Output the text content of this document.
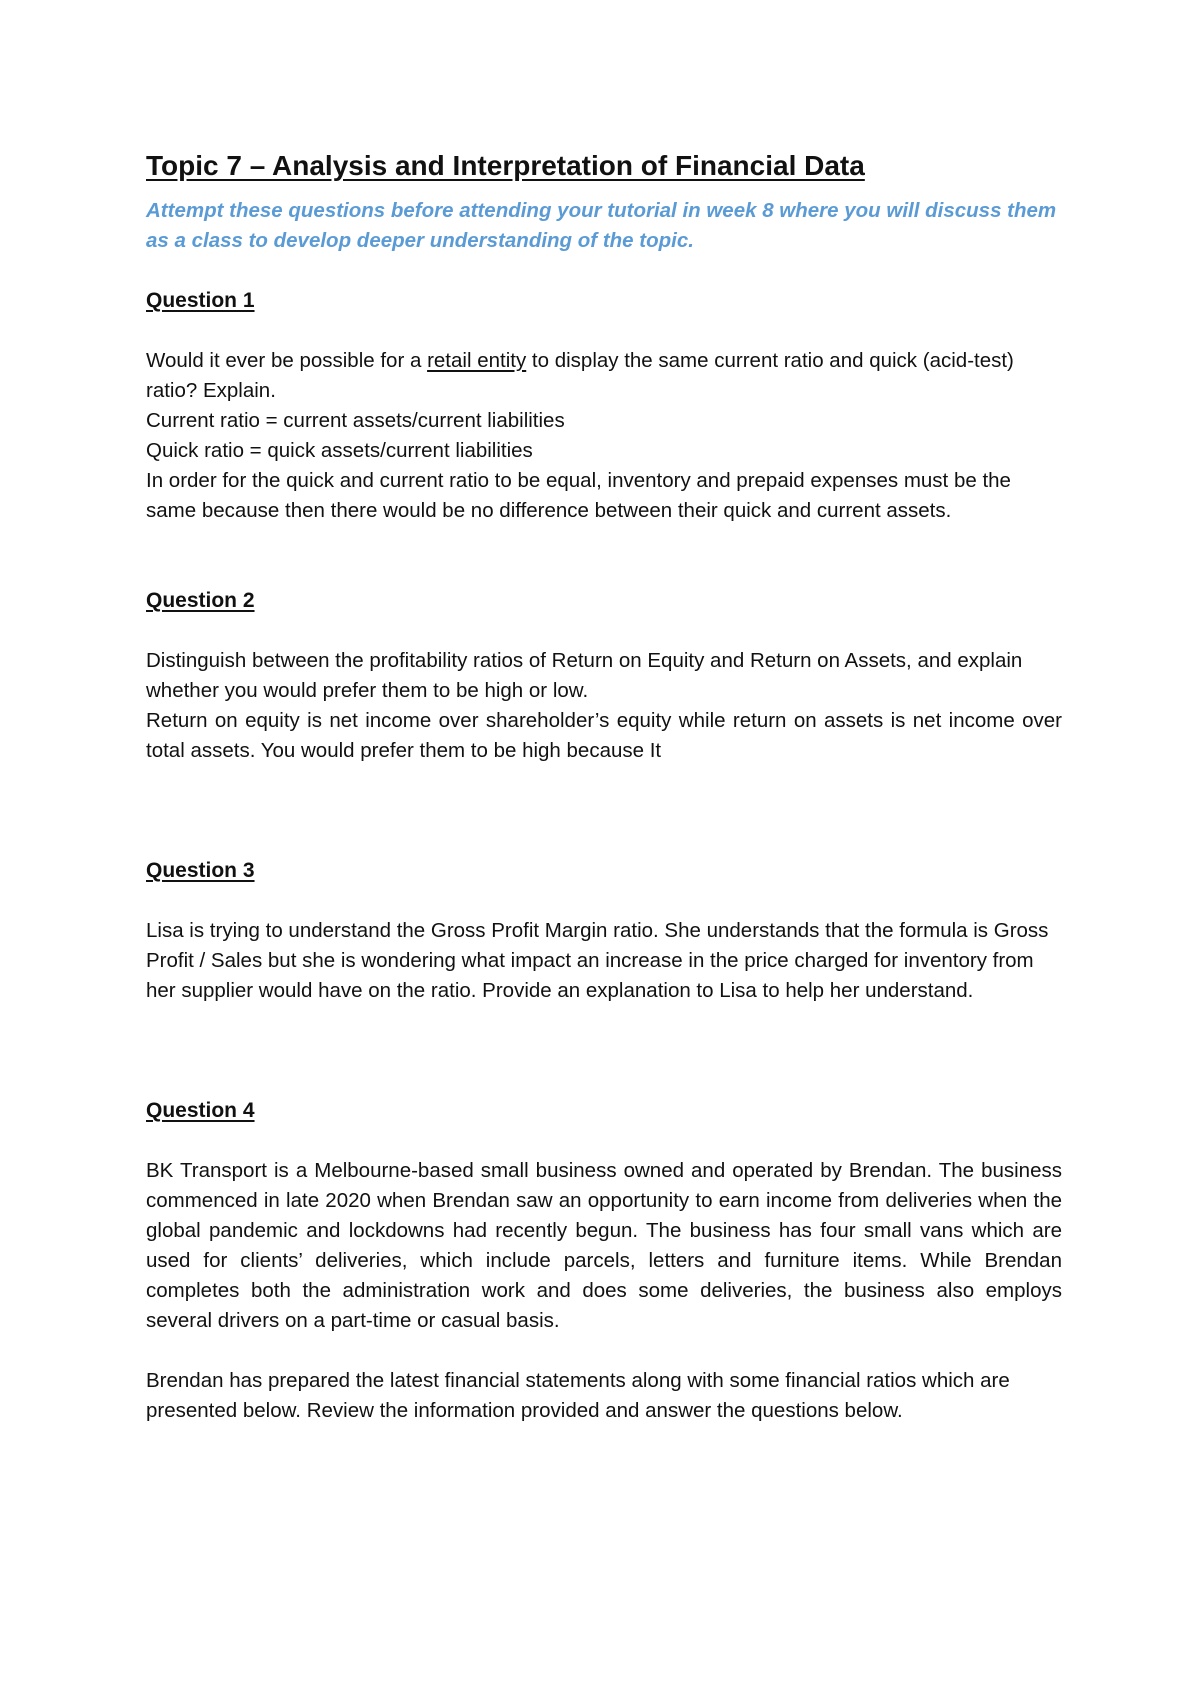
Topic 7 – Analysis and Interpretation of Financial Data

Attempt these questions before attending your tutorial in week 8 where you will discuss them as a class to develop deeper understanding of the topic.

Question 1

Would it ever be possible for a retail entity to display the same current ratio and quick (acid-test) ratio? Explain.

Current ratio = current assets/current liabilities

Quick ratio = quick assets/current liabilities

In order for the quick and current ratio to be equal, inventory and prepaid expenses must be the same because then there would be no difference between their quick and current assets.

Question 2

Distinguish between the profitability ratios of Return on Equity and Return on Assets, and explain whether you would prefer them to be high or low.

Return on equity is net income over shareholder’s equity while return on assets is net income over total assets. You would prefer them to be high because It

Question 3

Lisa is trying to understand the Gross Profit Margin ratio. She understands that the formula is Gross Profit / Sales but she is wondering what impact an increase in the price charged for inventory from her supplier would have on the ratio. Provide an explanation to Lisa to help her understand.

Question 4

BK Transport is a Melbourne-based small business owned and operated by Brendan. The business commenced in late 2020 when Brendan saw an opportunity to earn income from deliveries when the global pandemic and lockdowns had recently begun. The business has four small vans which are used for clients’ deliveries, which include parcels, letters and furniture items. While Brendan completes both the administration work and does some deliveries, the business also employs several drivers on a part-time or casual basis.

Brendan has prepared the latest financial statements along with some financial ratios which are presented below. Review the information provided and answer the questions below.
